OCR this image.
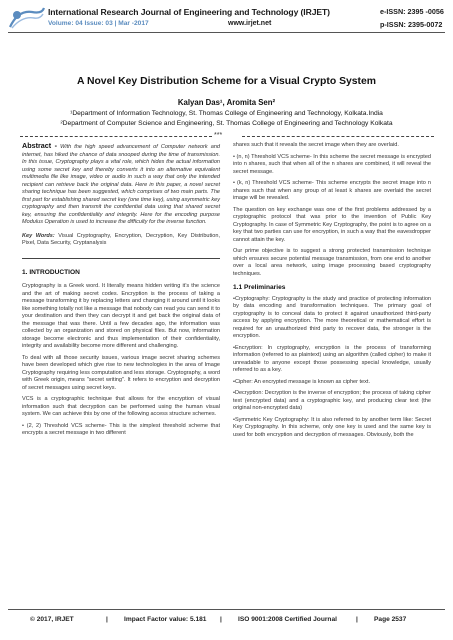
International Research Journal of Engineering and Technology (IRJET)	e-ISSN: 2395 -0056
Volume: 04 Issue: 03 | Mar -2017	www.irjet.net	p-ISSN: 2395-0072
A Novel Key Distribution Scheme for a Visual Crypto System
Kalyan Das¹, Aromita Sen²
¹Department of Information Technology, St. Thomas College of Engineering and Technology, Kolkata.India
²Department of Computer Science and Engineering, St. Thomas College of Engineering and Technology Kolkata
***

Abstract - With the high speed advancement of Computer network and internet, has hiked the chance of data snooped during the time of transmission. In this issue, Cryptography plays a vital role, which hides the actual information using some secret key and thereby converts it into an alternative equivalent multimedia file like image, video or audio in such a way that only the intended recipient can retrieve back the original data. Here in this paper, a novel secret sharing technique has been suggested, which comprises of two main parts. The first part for establishing shared secret key (one time key), using asymmetric key cryptography and then transmit the confidential data using that shared secret key, ensuring the confidentiality and integrity. Here for the encoding purpose Modulus Operation is used to increase the difficulty for the inverse function.

Key Words: Visual Cryptography, Encryption, Decryption, Key Distribution, Pixel, Data Security, Cryptanalysis

1. INTRODUCTION

Cryptography is a Greek word. It literally means hidden writing it’s the science and the art of making secret codes. Encryption is the process of taking a message transforming it by replacing letters and changing it around until it looks like something totally not like a message that nobody can read you can send it to your destination and then they can decrypt it and get back the original data of the message that was there. Until a few decades ago, the information was collected by an organization and stored on physical files. But now, information storage become electronic and thus implementation of their confidentiality, integrity and availability become more different and challenging.

To deal with all those security issues, various image secret sharing schemes have been developed which give rise to new technologies in the area of Image Cryptography requiring less computation and less storage. Cryptography, a word with Greek origin, means "secret writing". It refers to encryption and decryption of secret messages using secret keys.

VCS is a cryptographic technique that allows for the encryption of visual information such that decryption can be performed using the human visual system. We can achieve this by one of the following access structure schemes.

• (2, 2) Threshold VCS scheme- This is the simplest threshold scheme that encrypts a secret message in two different

shares such that it reveals the secret image when they are overlaid.

• (n, n) Threshold VCS scheme- In this scheme the secret message is encrypted into n shares, such that when all of the n shares are combined, it will reveal the secret message.

• (k, n) Threshold VCS scheme- This scheme encrypts the secret image into n shares such that when any group of at least k shares are overlaid the secret image will be revealed.

The question on key exchange was one of the first problems addressed by a cryptographic protocol that was prior to the invention of Public Key Cryptography. In case of Symmetric Key Cryptography, the point is to agree on a key that two parties can use for encryption, in such a way that the eavesdropper cannot attain the key.

Our prime objective is to suggest a strong protected transmission technique which ensures secure potential message transmission, from one end to another over a local area network, using image processing based cryptography techniques.

1.1 Preliminaries

•Cryptography: Cryptography is the study and practice of protecting information by data encoding and transformation techniques. The primary goal of cryptography is to conceal data to protect it against unauthorized third-party access by applying encryption. The more theoretical or mathematical effort is required for an unauthorized third party to recover data, the stronger is the encryption.

•Encryption: In cryptography, encryption is the process of transforming information (referred to as plaintext) using an algorithm (called cipher) to make it unreadable to anyone except those possessing special knowledge, usually referred to as a key.

•Cipher: An encrypted message is known as cipher text.

•Decryption: Decryption is the inverse of encryption; the process of taking cipher text (encrypted data) and a cryptographic key, and producing clear text (the original non-encrypted data)

•Symmetric Key Cryptography: It is also referred to by another term like: Secret Key Cryptography. In this scheme, only one key is used and the same key is used for both encryption and decryption of messages. Obviously, both the

© 2017, IRJET	| Impact Factor value: 5.181 | ISO 9001:2008 Certified Journal	| Page 2537
